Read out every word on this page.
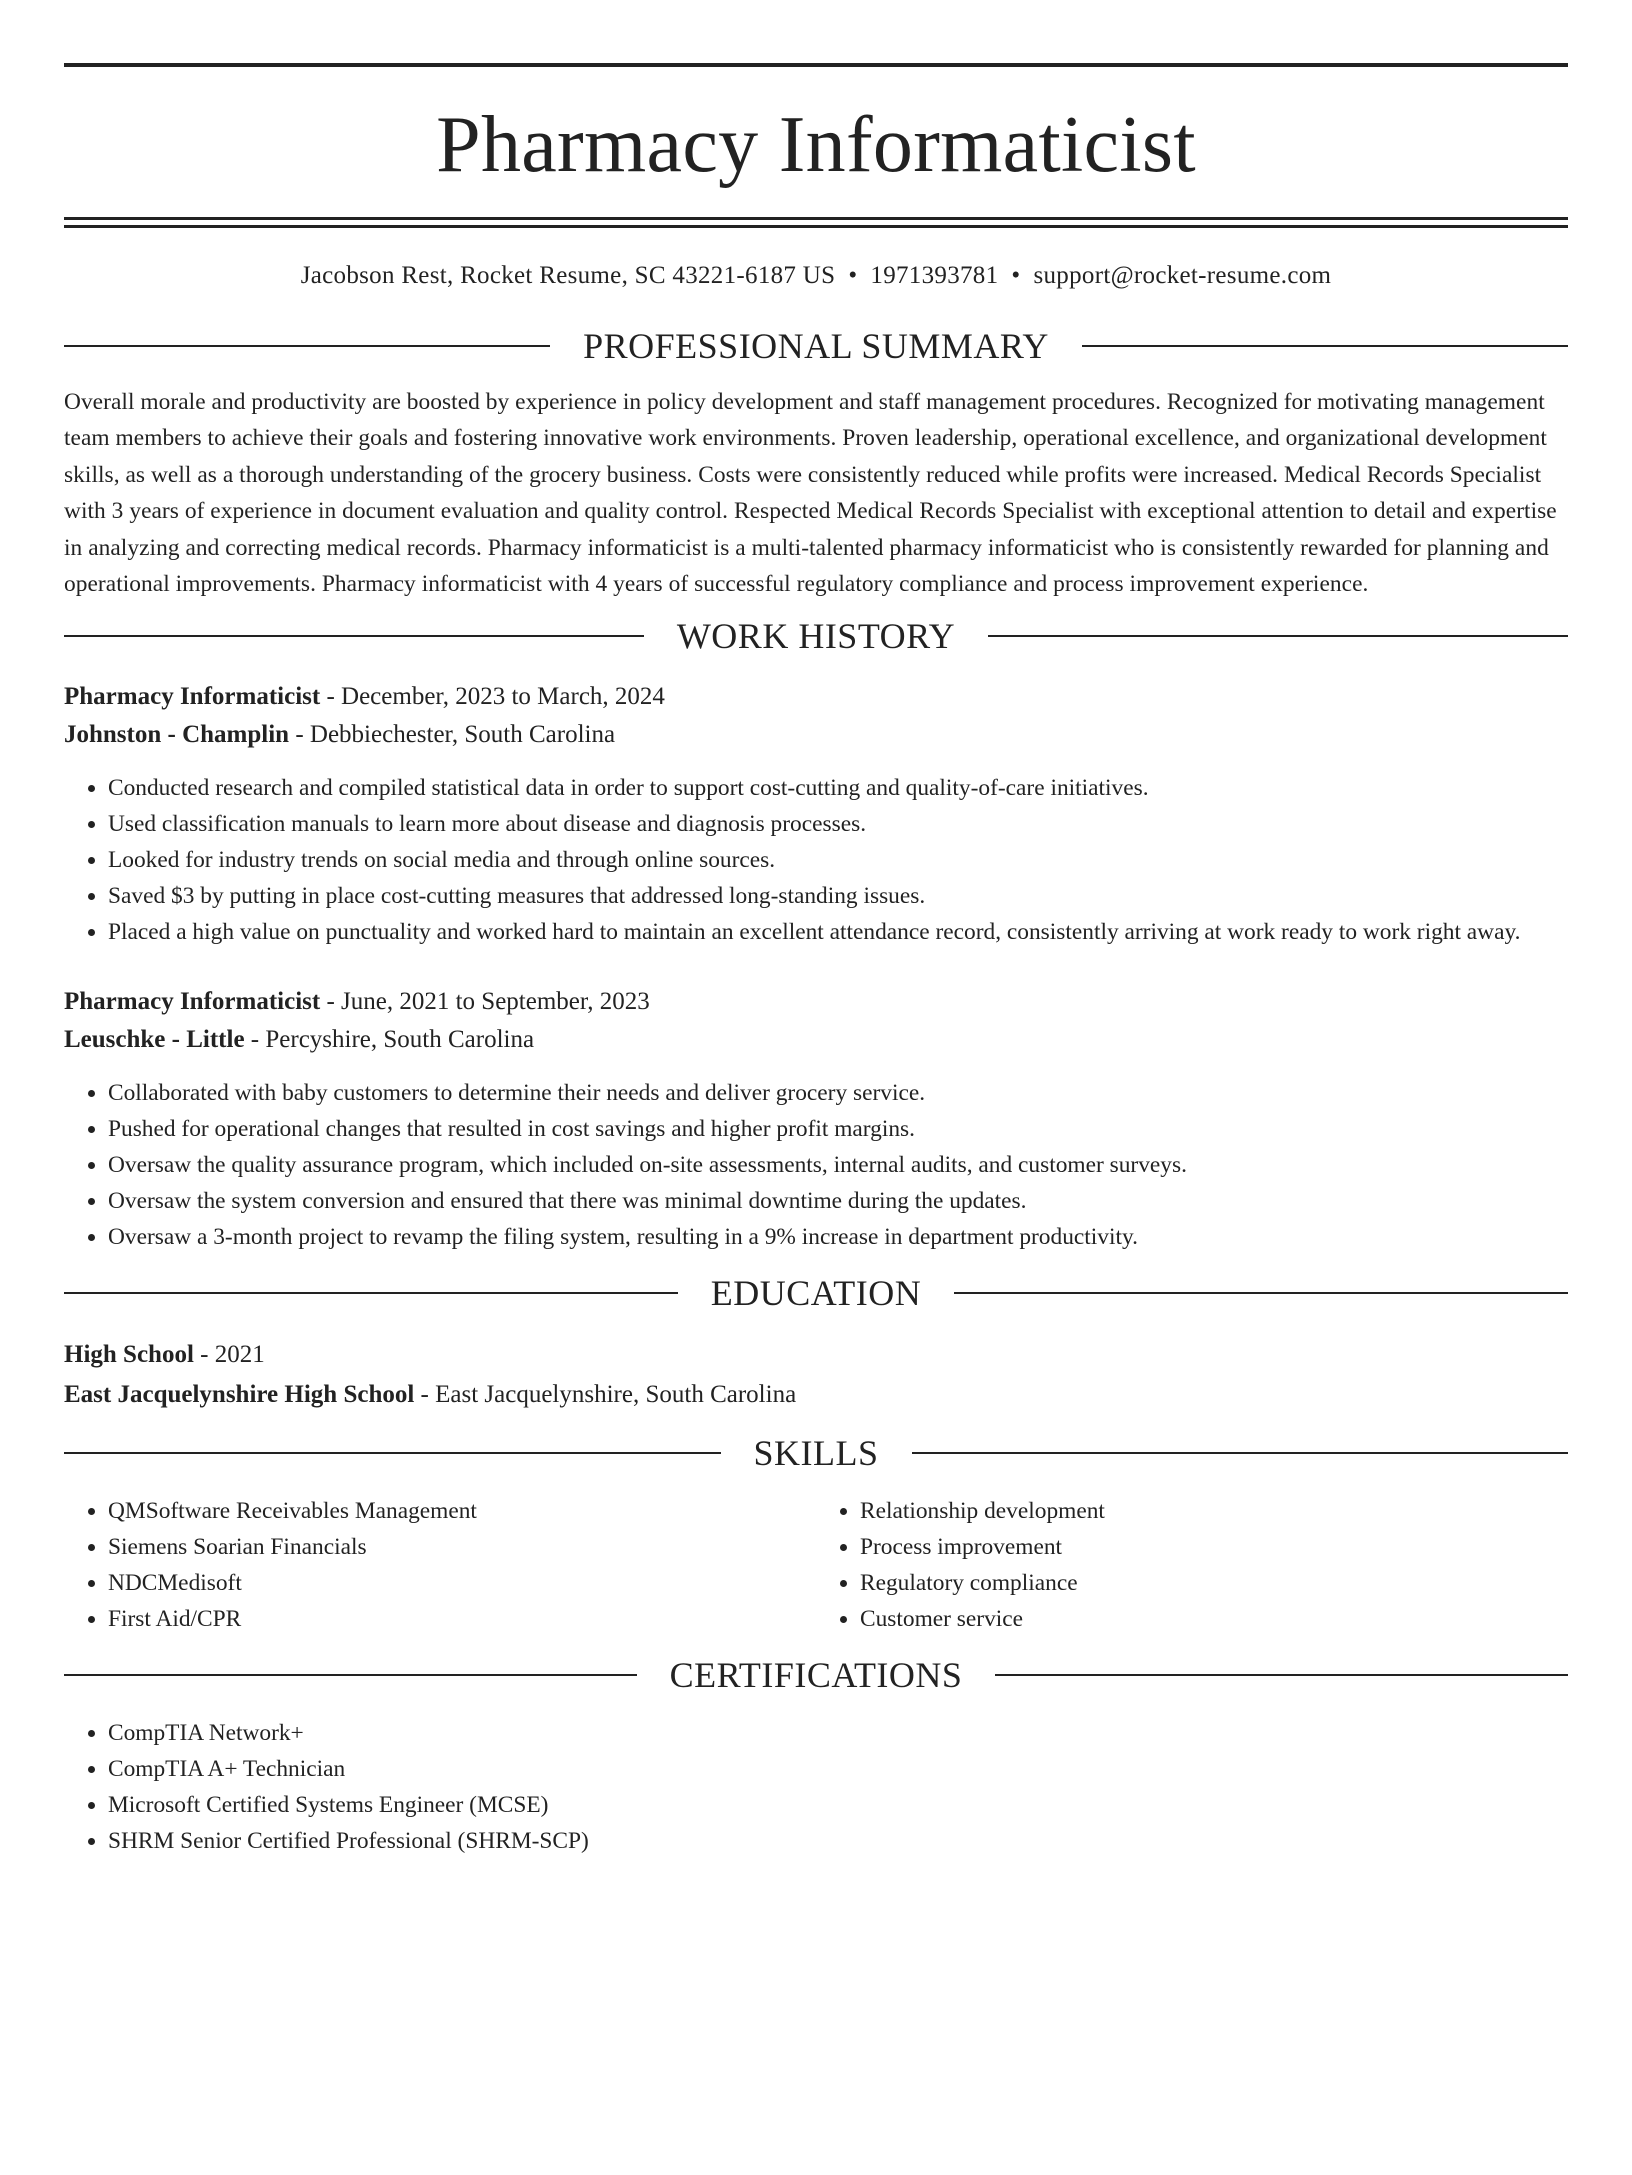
Pharmacy Informaticist
Jacobson Rest, Rocket Resume, SC 43221-6187 US • 1971393781 • support@rocket-resume.com
PROFESSIONAL SUMMARY

Overall morale and productivity are boosted by experience in policy development and staff management procedures. Recognized for motivating management team members to achieve their goals and fostering innovative work environments. Proven leadership, operational excellence, and organizational development skills, as well as a thorough understanding of the grocery business. Costs were consistently reduced while profits were increased. Medical Records Specialist with 3 years of experience in document evaluation and quality control. Respected Medical Records Specialist with exceptional attention to detail and expertise in analyzing and correcting medical records. Pharmacy informaticist is a multi-talented pharmacy informaticist who is consistently rewarded for planning and operational improvements. Pharmacy informaticist with 4 years of successful regulatory compliance and process improvement experience.

WORK HISTORY
Pharmacy Informaticist - December, 2023 to March, 2024
Johnston - Champlin - Debbiechester, South Carolina
• Conducted research and compiled statistical data in order to support cost-cutting and quality-of-care initiatives.
• Used classification manuals to learn more about disease and diagnosis processes.
• Looked for industry trends on social media and through online sources.
• Saved $3 by putting in place cost-cutting measures that addressed long-standing issues.
• Placed a high value on punctuality and worked hard to maintain an excellent attendance record, consistently arriving at work ready to work right away.
Pharmacy Informaticist - June, 2021 to September, 2023
Leuschke - Little - Percyshire, South Carolina
• Collaborated with baby customers to determine their needs and deliver grocery service.
• Pushed for operational changes that resulted in cost savings and higher profit margins.
• Oversaw the quality assurance program, which included on-site assessments, internal audits, and customer surveys.
• Oversaw the system conversion and ensured that there was minimal downtime during the updates.
• Oversaw a 3-month project to revamp the filing system, resulting in a 9% increase in department productivity.
EDUCATION
High School - 2021
East Jacquelynshire High School - East Jacquelynshire, South Carolina
SKILLS
• QMSoftware Receivables Management
• Siemens Soarian Financials
• NDCMedisoft
• First Aid/CPR
• Relationship development
• Process improvement
• Regulatory compliance
• Customer service
CERTIFICATIONS
• CompTIA Network+
• CompTIA A+ Technician
• Microsoft Certified Systems Engineer (MCSE)
• SHRM Senior Certified Professional (SHRM-SCP)
